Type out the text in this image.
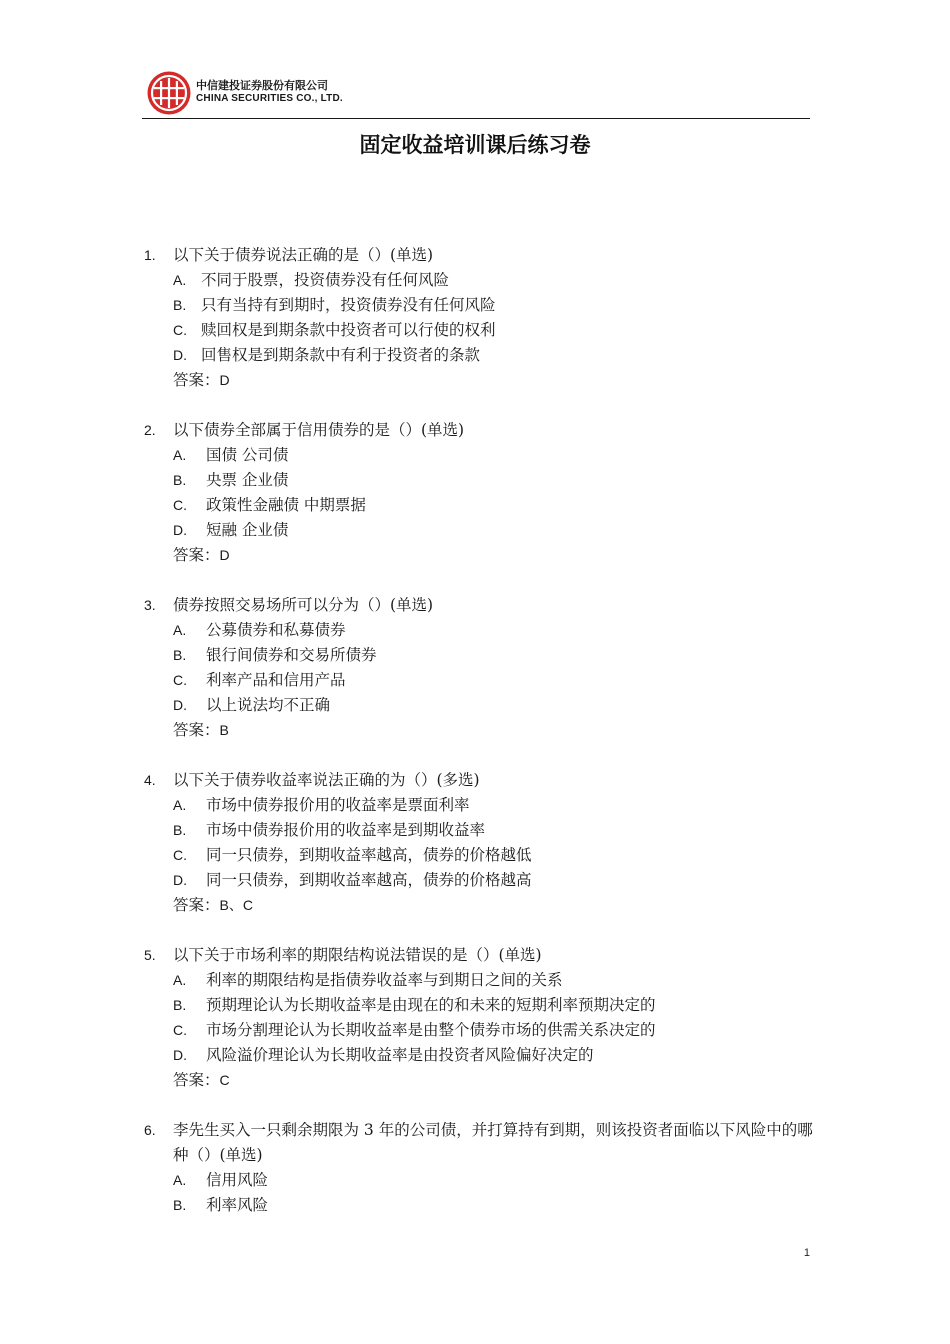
中信建投证券股份有限公司
CHINA SECURITIES CO., LTD.
固定收益培训课后练习卷
1.	以下关于债券说法正确的是（）(单选)
A. 不同于股票，投资债券没有任何风险
B. 只有当持有到期时，投资债券没有任何风险
C. 赎回权是到期条款中投资者可以行使的权利
D. 回售权是到期条款中有利于投资者的条款
答案：D
2.	以下债券全部属于信用债券的是（）(单选)
A. 国债 公司债
B. 央票 企业债
C. 政策性金融债 中期票据
D. 短融 企业债
答案：D
3.	债券按照交易场所可以分为（）(单选)
A. 公募债券和私募债券
B. 银行间债券和交易所债券
C. 利率产品和信用产品
D. 以上说法均不正确
答案：B
4.	以下关于债券收益率说法正确的为（）(多选)
A. 市场中债券报价用的收益率是票面利率
B. 市场中债券报价用的收益率是到期收益率
C. 同一只债券，到期收益率越高，债券的价格越低
D. 同一只债券，到期收益率越高，债券的价格越高
答案：B、C
5.	以下关于市场利率的期限结构说法错误的是（）(单选)
A. 利率的期限结构是指债券收益率与到期日之间的关系
B. 预期理论认为长期收益率是由现在的和未来的短期利率预期决定的
C. 市场分割理论认为长期收益率是由整个债券市场的供需关系决定的
D. 风险溢价理论认为长期收益率是由投资者风险偏好决定的
答案：C
6.	李先生买入一只剩余期限为 3 年的公司债，并打算持有到期，则该投资者面临以下风险中的哪种（）(单选)
A. 信用风险
B. 利率风险
1
